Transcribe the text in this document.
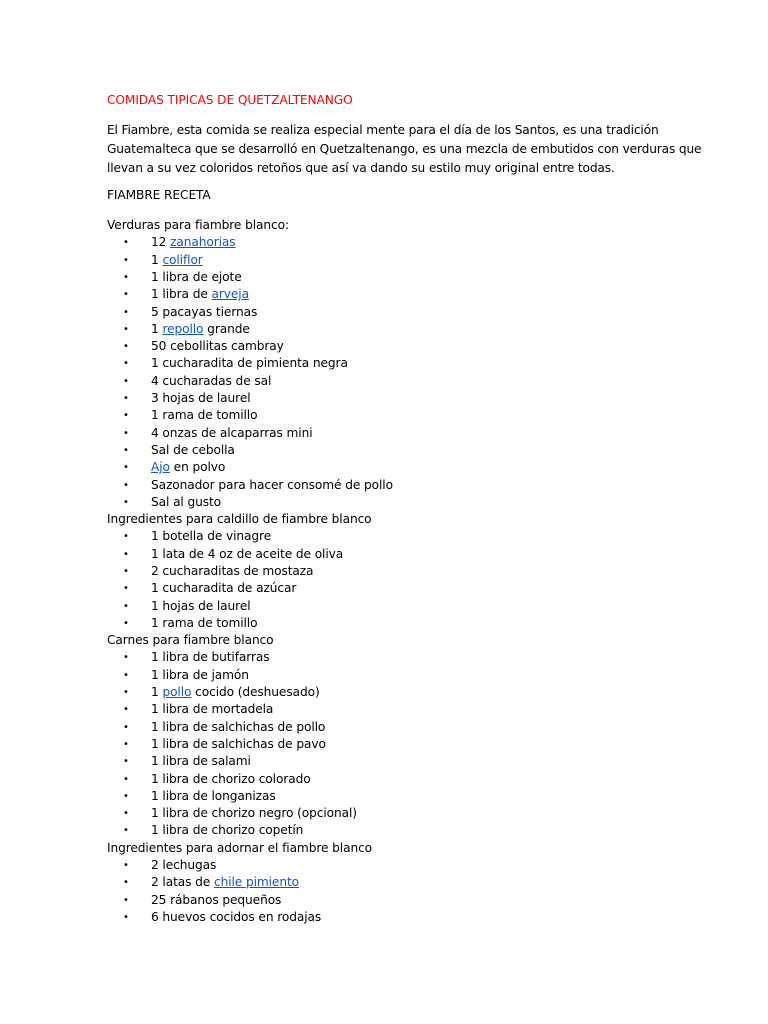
COMIDAS TIPICAS DE QUETZALTENANGO

El Fiambre, esta comida se realiza especial mente para el día de los Santos, es una tradición

Guatemalteca que se desarrolló en Quetzaltenango, es una mezcla de embutidos con verduras que

llevan a su vez coloridos retoños que así va dando su estilo muy original entre todas.

FIAMBRE RECETA
Verduras para fiambre blanco:
• 12 zanahorias
• 1 coliflor
• 1 libra de ejote
• 1 libra de arveja
• 5 pacayas tiernas
• 1 repollo grande
• 50 cebollitas cambray
• 1 cucharadita de pimienta negra
• 4 cucharadas de sal
• 3 hojas de laurel
• 1 rama de tomillo
• 4 onzas de alcaparras mini
• Sal de cebolla
• Ajo en polvo
• Sazonador para hacer consomé de pollo
• Sal al gusto
Ingredientes para caldillo de fiambre blanco
• 1 botella de vinagre
• 1 lata de 4 oz de aceite de oliva
• 2 cucharaditas de mostaza
• 1 cucharadita de azúcar
• 1 hojas de laurel
• 1 rama de tomillo
Carnes para fiambre blanco
• 1 libra de butifarras
• 1 libra de jamón
• 1 pollo cocido (deshuesado)
• 1 libra de mortadela
• 1 libra de salchichas de pollo
• 1 libra de salchichas de pavo
• 1 libra de salami
• 1 libra de chorizo colorado
• 1 libra de longanizas
• 1 libra de chorizo negro (opcional)
• 1 libra de chorizo copetín
Ingredientes para adornar el fiambre blanco
• 2 lechugas
• 2 latas de chile pimiento
• 25 rábanos pequeños
• 6 huevos cocidos en rodajas
